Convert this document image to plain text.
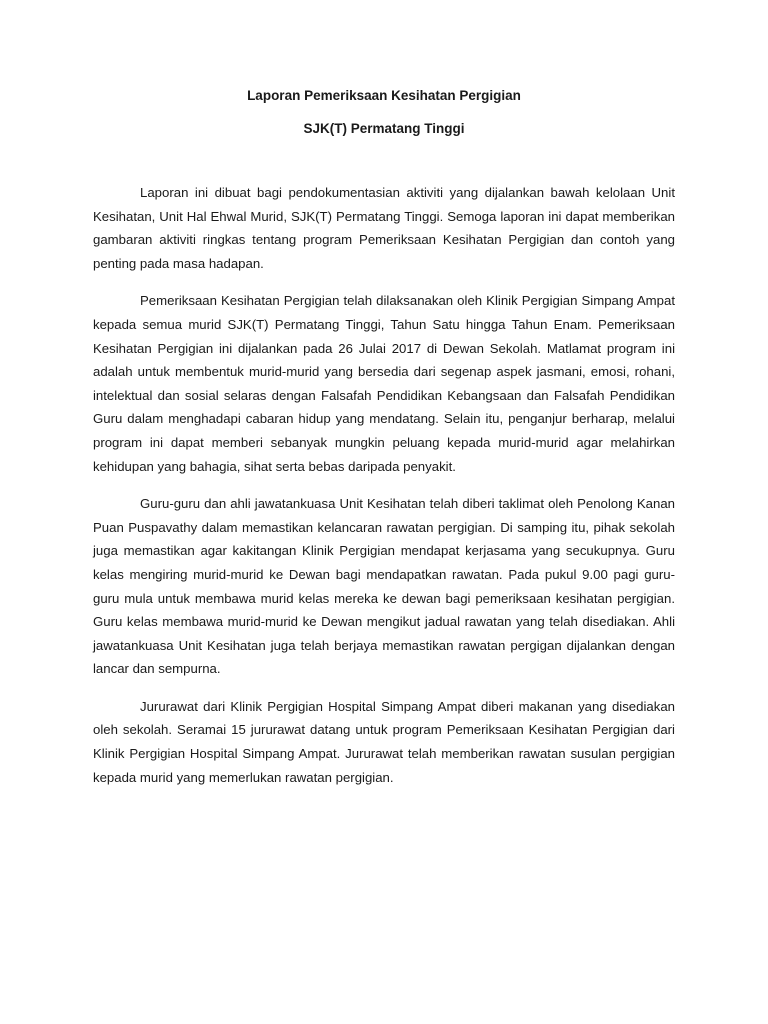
Laporan Pemeriksaan Kesihatan Pergigian
SJK(T) Permatang Tinggi

Laporan ini dibuat bagi pendokumentasian aktiviti yang dijalankan bawah kelolaan Unit Kesihatan, Unit Hal Ehwal Murid, SJK(T) Permatang Tinggi. Semoga laporan ini dapat memberikan gambaran aktiviti ringkas tentang program Pemeriksaan Kesihatan Pergigian dan contoh yang penting pada masa hadapan.

Pemeriksaan Kesihatan Pergigian telah dilaksanakan oleh Klinik Pergigian Simpang Ampat kepada semua murid SJK(T) Permatang Tinggi, Tahun Satu hingga Tahun Enam. Pemeriksaan Kesihatan Pergigian ini dijalankan pada 26 Julai 2017 di Dewan Sekolah. Matlamat program ini adalah untuk membentuk murid-murid yang bersedia dari segenap aspek jasmani, emosi, rohani, intelektual dan sosial selaras dengan Falsafah Pendidikan Kebangsaan dan Falsafah Pendidikan Guru dalam menghadapi cabaran hidup yang mendatang. Selain itu, penganjur berharap, melalui program ini dapat memberi sebanyak mungkin peluang kepada murid-murid agar melahirkan kehidupan yang bahagia, sihat serta bebas daripada penyakit.

Guru-guru dan ahli jawatankuasa Unit Kesihatan telah diberi taklimat oleh Penolong Kanan Puan Puspavathy dalam memastikan kelancaran rawatan pergigian. Di samping itu, pihak sekolah juga memastikan agar kakitangan Klinik Pergigian mendapat kerjasama yang secukupnya. Guru kelas mengiring murid-murid ke Dewan bagi mendapatkan rawatan. Pada pukul 9.00 pagi guru-guru mula untuk membawa murid kelas mereka ke dewan bagi pemeriksaan kesihatan pergigian. Guru kelas membawa murid-murid ke Dewan mengikut jadual rawatan yang telah disediakan. Ahli jawatankuasa Unit Kesihatan juga telah berjaya memastikan rawatan pergigan dijalankan dengan lancar dan sempurna.

Jururawat dari Klinik Pergigian Hospital Simpang Ampat diberi makanan yang disediakan oleh sekolah. Seramai 15 jururawat datang untuk program Pemeriksaan Kesihatan Pergigian dari Klinik Pergigian Hospital Simpang Ampat. Jururawat telah memberikan rawatan susulan pergigian kepada murid yang memerlukan rawatan pergigian.
